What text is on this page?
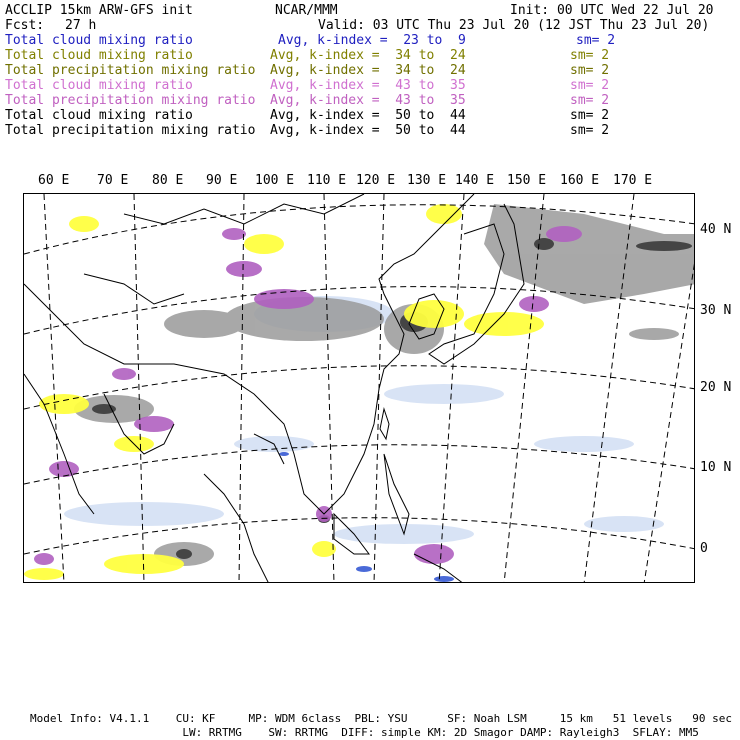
ACCLIP 15km ARW-GFS init	NCAR/MMM	Init: 00 UTC Wed 22 Jul 20
Fcst: 27 h	Valid: 03 UTC Thu 23 Jul 20 (12 JST Thu 23 Jul 20)
Total cloud mixing ratio	Avg, k-index =  23 to  9	sm= 2
Total cloud mixing ratio	Avg, k-index =  34 to  24	sm= 2
Total precipitation mixing ratio Avg, k-index =  34 to  24	sm= 2
Total cloud mixing ratio	Avg, k-index =  43 to  35	sm= 2
Total precipitation mixing ratio Avg, k-index =  43 to  35	sm= 2
Total cloud mixing ratio	Avg, k-index =  50 to  44	sm= 2
Total precipitation mixing ratio Avg, k-index =  50 to  44	sm= 2
60 E 70 E 80 E 90 E 100 E 110 E 120 E 130 E 140 E 150 E 160 E 170 E
40 N
30 N
20 N
10 N
0
Model Info: V4.1.1    CU: KF     MP: WDM 6class  PBL: YSU      SF: Noah LSM     15 km   51 levels   90 sec
LW: RRTMG    SW: RRTMG  DIFF: simple KM: 2D Smagor DAMP: Rayleigh3  SFLAY: MM5
